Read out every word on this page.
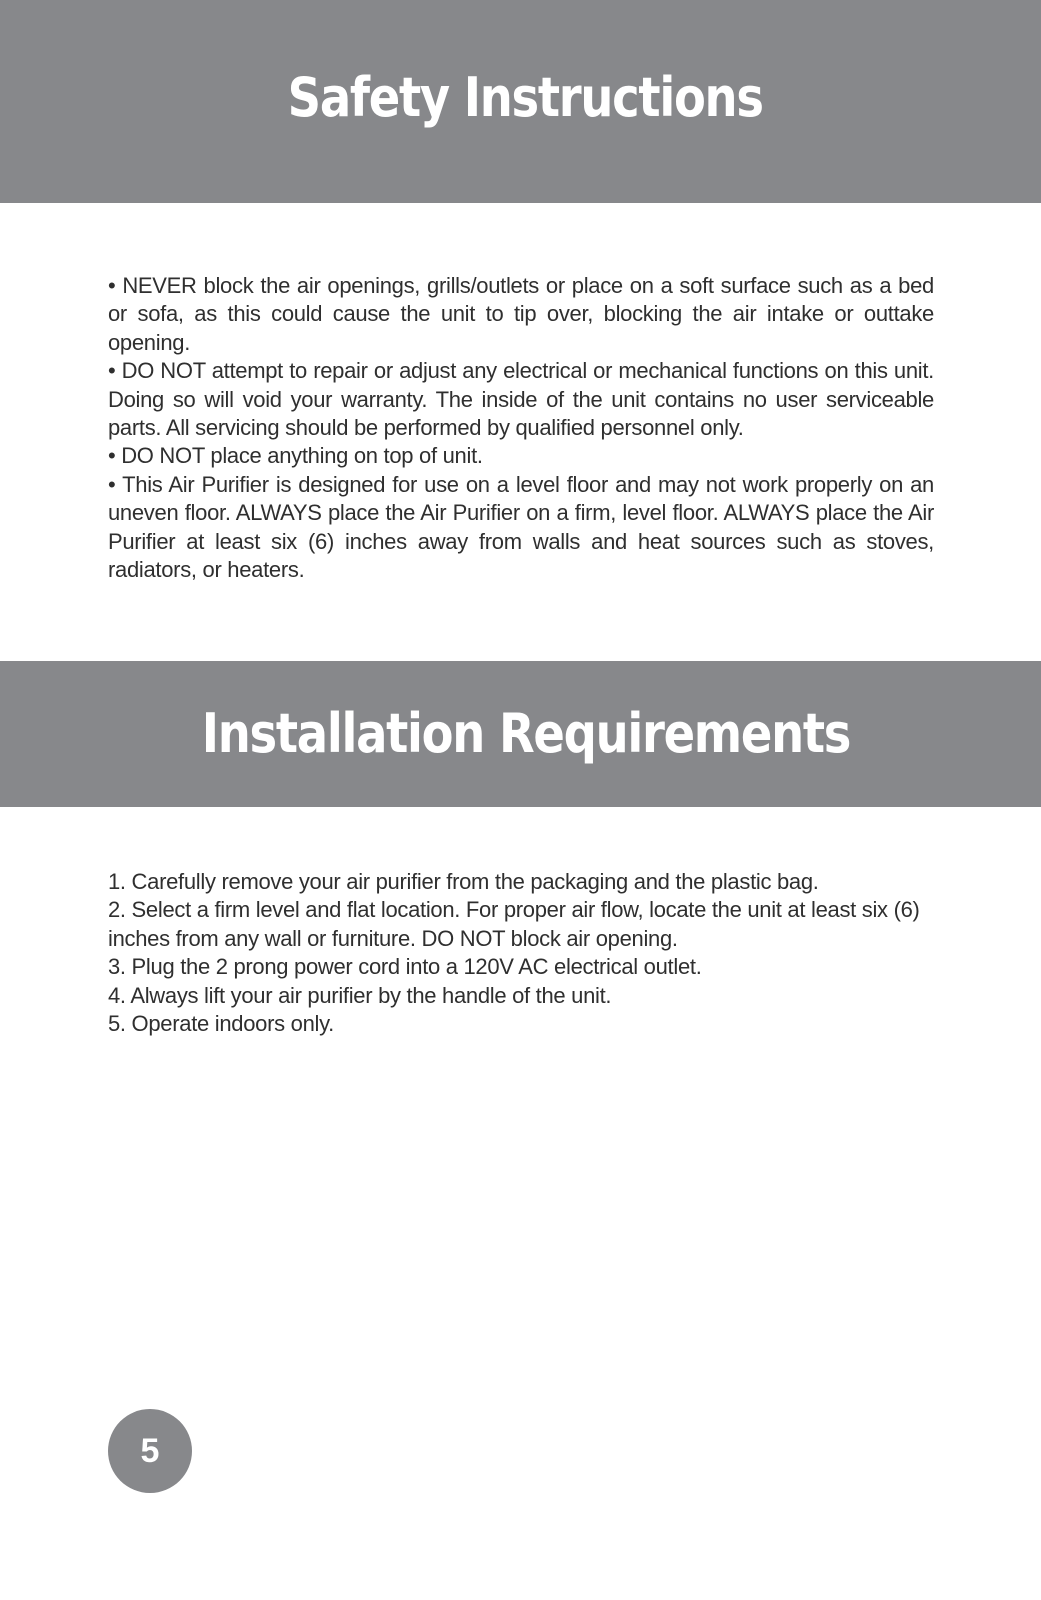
Safety Instructions

• NEVER block the air openings, grills/outlets or place on a soft surface such as a bed or sofa, as this could cause the unit to tip over, blocking the air intake or outtake opening.

• DO NOT attempt to repair or adjust any electrical or mechanical functions on this unit. Doing so will void your warranty. The inside of the unit contains no user serviceable parts. All servicing should be performed by qualified personnel only.

• DO NOT place anything on top of unit.

• This Air Purifier is designed for use on a level floor and may not work properly on an uneven floor. ALWAYS place the Air Purifier on a firm, level floor. ALWAYS place the Air Purifier at least six (6) inches away from walls and heat sources such as stoves, radiators, or heaters.

Installation Requirements

1. Carefully remove your air purifier from the packaging and the plastic bag.

2. Select a firm level and flat location. For proper air flow, locate the unit at least six (6) inches from any wall or furniture. DO NOT block air opening.

3. Plug the 2 prong power cord into a 120V AC electrical outlet.

4. Always lift your air purifier by the handle of the unit.

5. Operate indoors only.

5
